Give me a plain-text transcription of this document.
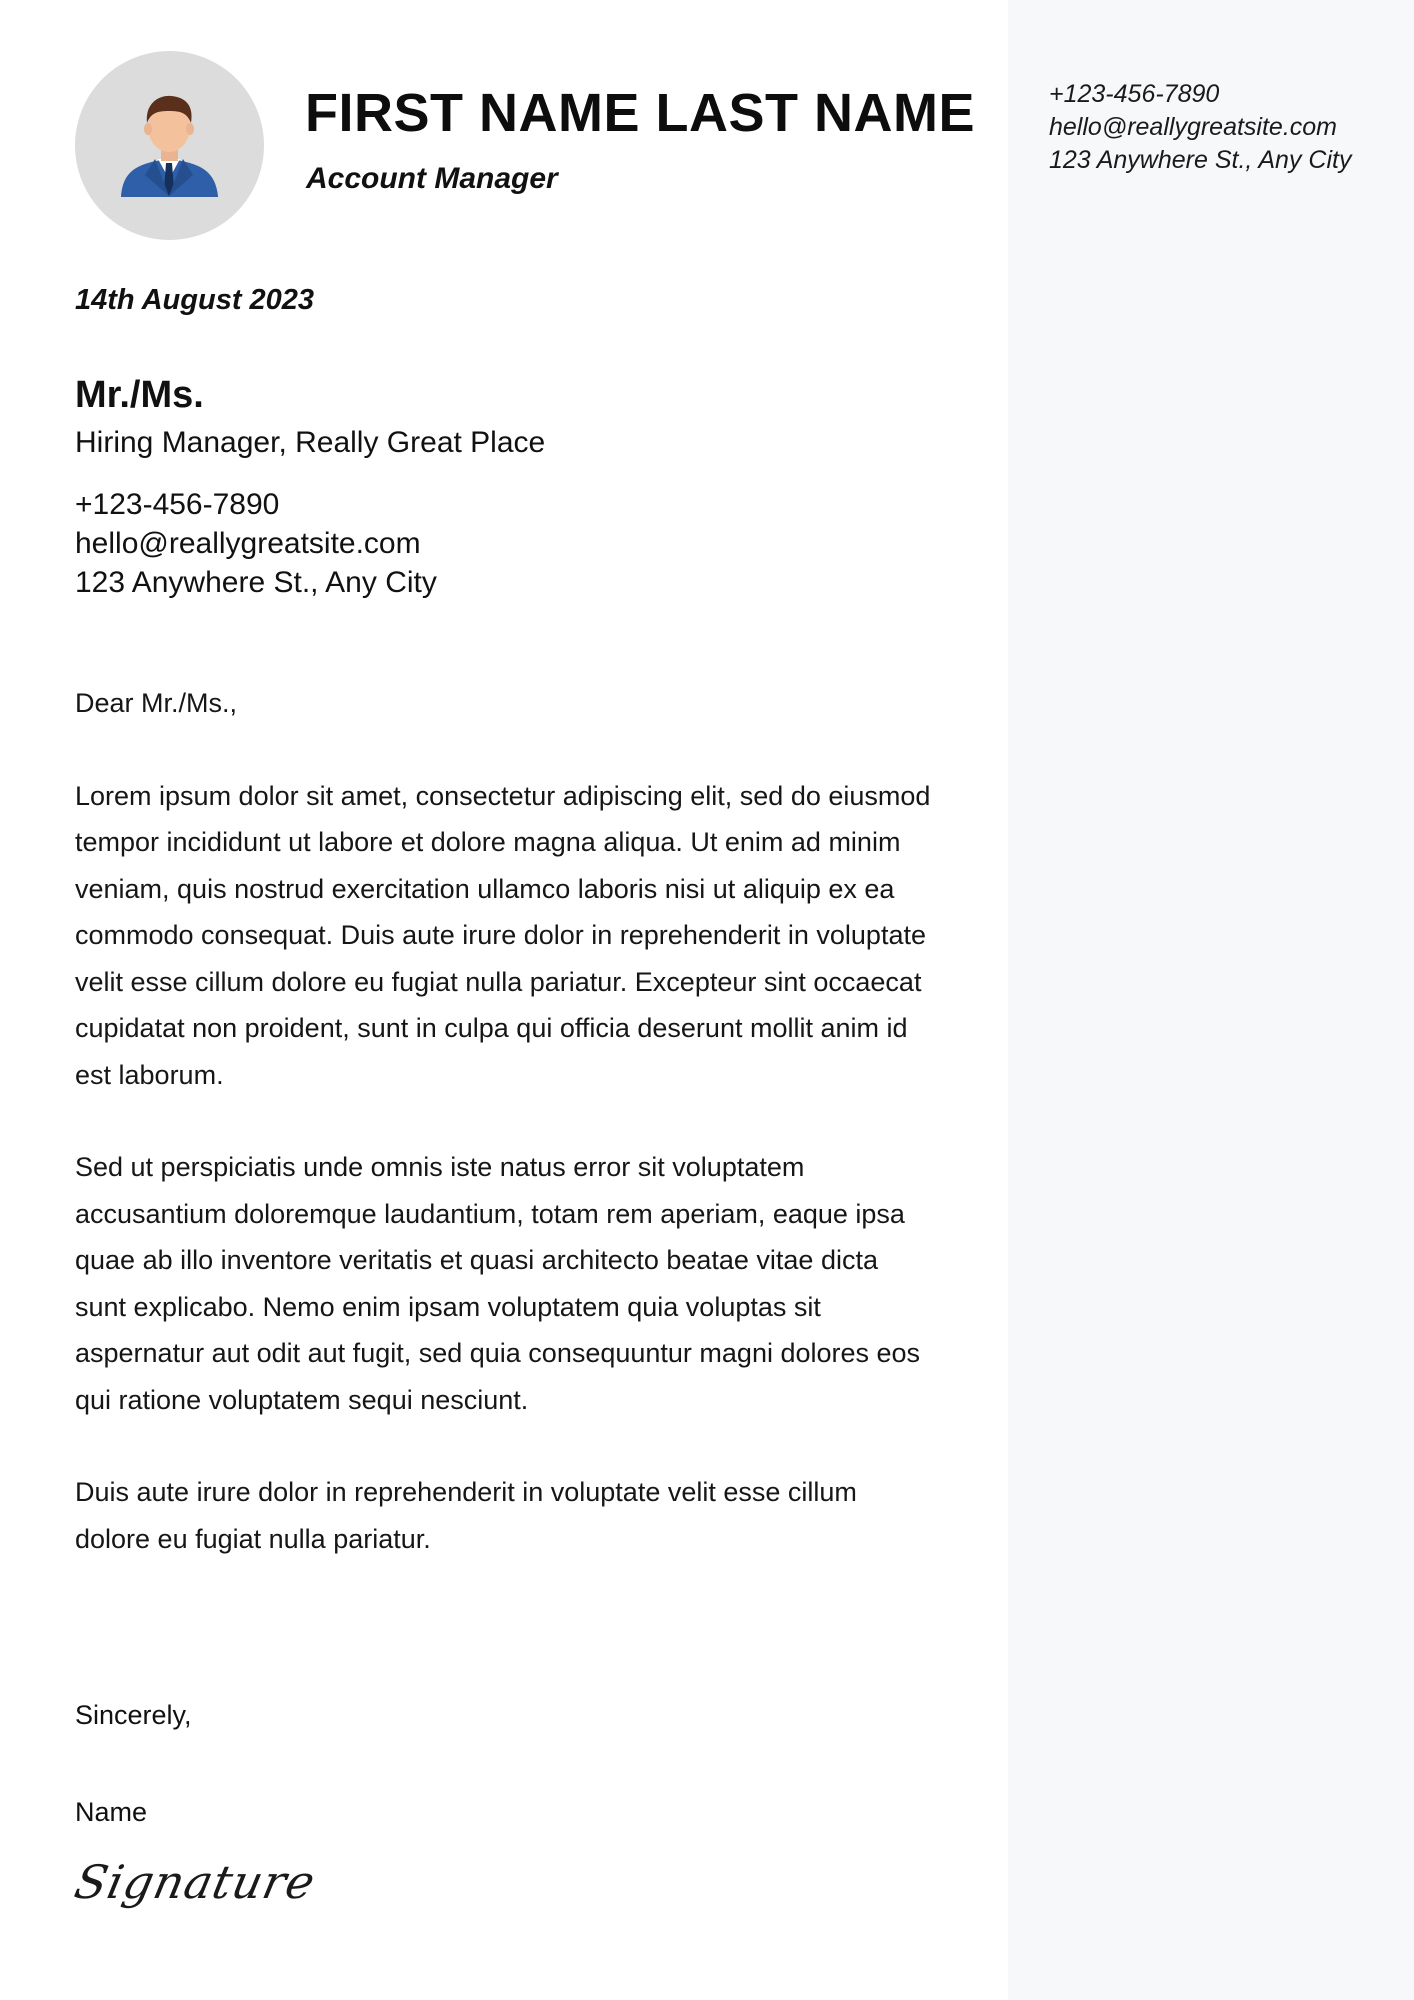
+123-456-7890
hello@reallygreatsite.com
123 Anywhere St., Any City
FIRST NAME LAST NAME
Account Manager
14th August 2023
Mr./Ms.
Hiring Manager, Really Great Place
+123-456-7890
hello@reallygreatsite.com
123 Anywhere St., Any City

Dear Mr./Ms.,

Lorem ipsum dolor sit amet, consectetur adipiscing elit, sed do eiusmod tempor incididunt ut labore et dolore magna aliqua. Ut enim ad minim veniam, quis nostrud exercitation ullamco laboris nisi ut aliquip ex ea commodo consequat. Duis aute irure dolor in reprehenderit in voluptate velit esse cillum dolore eu fugiat nulla pariatur. Excepteur sint occaecat cupidatat non proident, sunt in culpa qui officia deserunt mollit anim id est laborum.

Sed ut perspiciatis unde omnis iste natus error sit voluptatem accusantium doloremque laudantium, totam rem aperiam, eaque ipsa quae ab illo inventore veritatis et quasi architecto beatae vitae dicta sunt explicabo. Nemo enim ipsam voluptatem quia voluptas sit aspernatur aut odit aut fugit, sed quia consequuntur magni dolores eos qui ratione voluptatem sequi nesciunt.

Duis aute irure dolor in reprehenderit in voluptate velit esse cillum dolore eu fugiat nulla pariatur.

Sincerely,
Name
Signature
